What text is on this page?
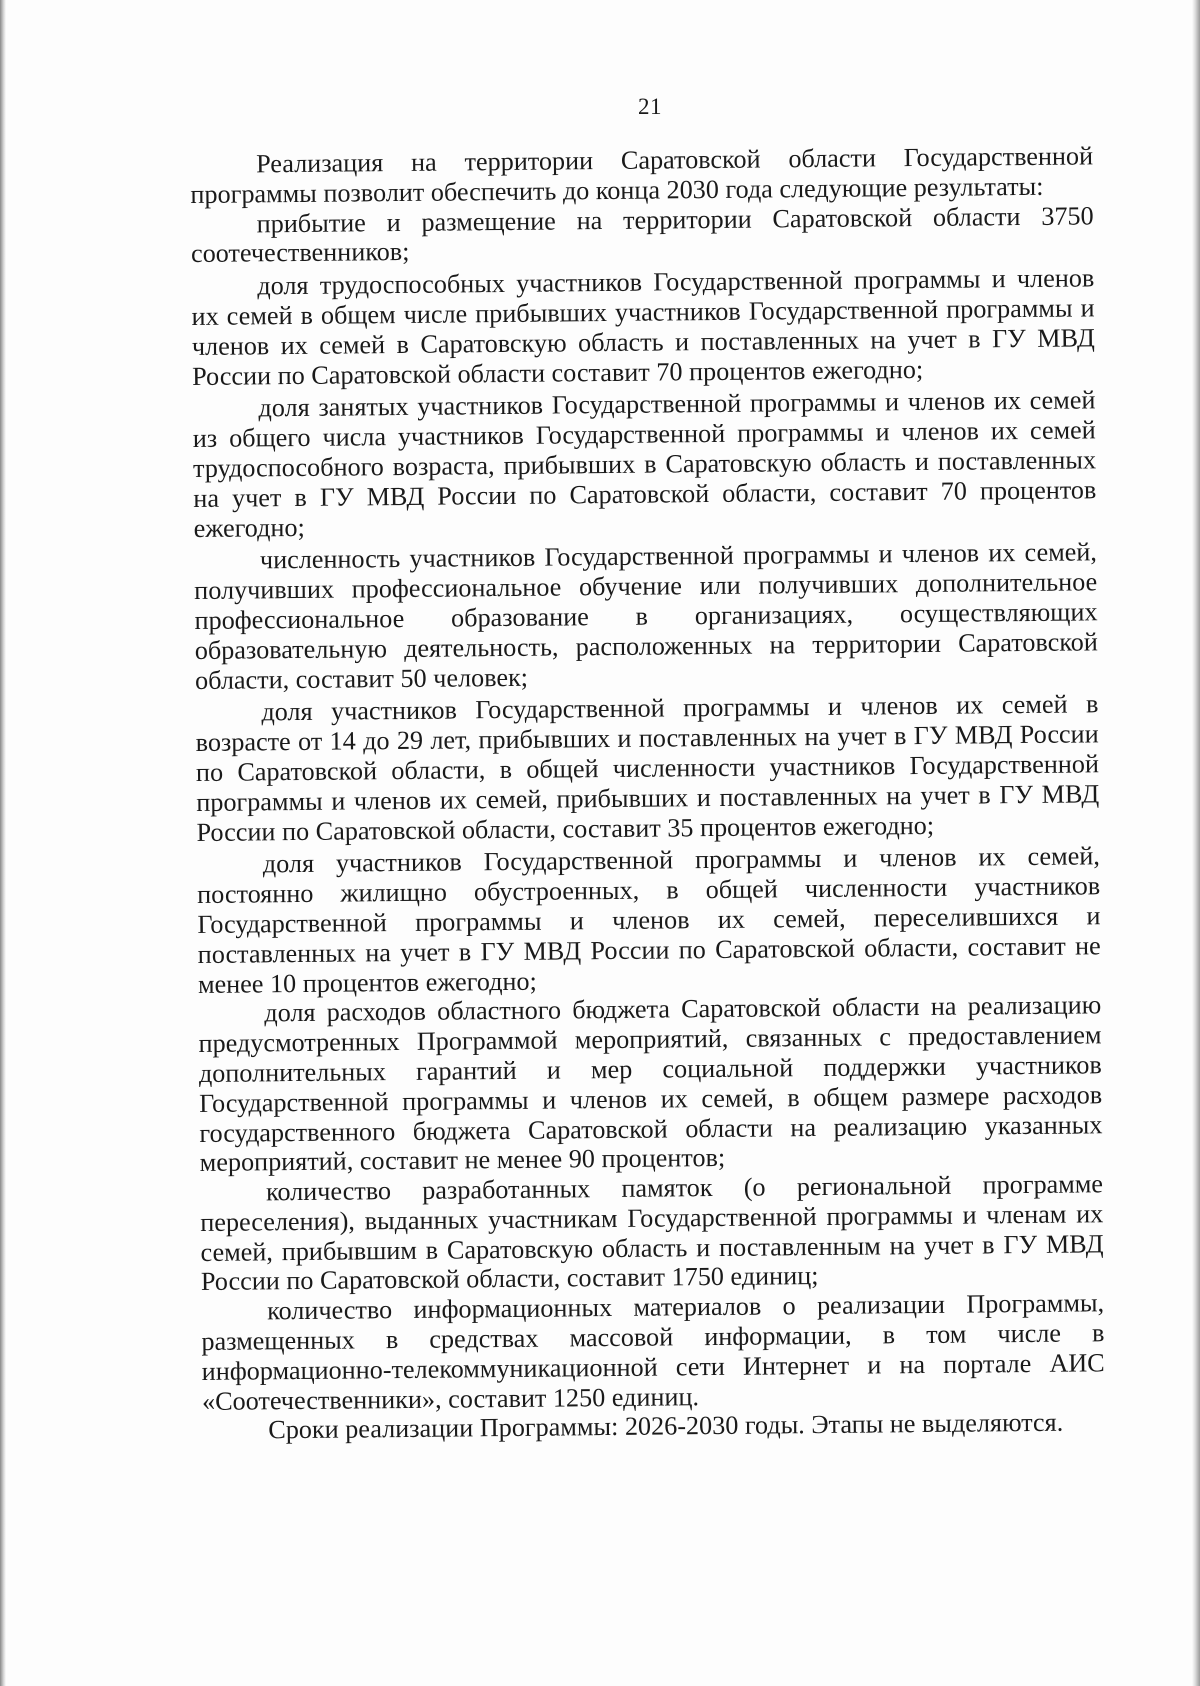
21

Реализация на территории Саратовской области Государственной программы позволит обеспечить до конца 2030 года следующие результаты:

прибытие и размещение на территории Саратовской области 3750 соотечественников;

доля трудоспособных участников Государственной программы и членов их семей в общем числе прибывших участников Государственной программы и членов их семей в Саратовскую область и поставленных на учет в ГУ МВД России по Саратовской области составит 70 процентов ежегодно;

доля занятых участников Государственной программы и членов их семей из общего числа участников Государственной программы и членов их семей трудоспособного возраста, прибывших в Саратовскую область и поставленных на учет в ГУ МВД России по Саратовской области, составит 70 процентов ежегодно;

численность участников Государственной программы и членов их семей, получивших профессиональное обучение или получивших дополнительное профессиональное образование в организациях, осуществляющих образовательную деятельность, расположенных на территории Саратовской области, составит 50 человек;

доля участников Государственной программы и членов их семей в возрасте от 14 до 29 лет, прибывших и поставленных на учет в ГУ МВД России по Саратовской области, в общей численности участников Государственной программы и членов их семей, прибывших и поставленных на учет в ГУ МВД России по Саратовской области, составит 35 процентов ежегодно;

доля участников Государственной программы и членов их семей, постоянно жилищно обустроенных, в общей численности участников Государственной программы и членов их семей, переселившихся и поставленных на учет в ГУ МВД России по Саратовской области, составит не менее 10 процентов ежегодно;

доля расходов областного бюджета Саратовской области на реализацию предусмотренных Программой мероприятий, связанных с предоставлением дополнительных гарантий и мер социальной поддержки участников Государственной программы и членов их семей, в общем размере расходов государственного бюджета Саратовской области на реализацию указанных мероприятий, составит не менее 90 процентов;

количество разработанных памяток (о региональной программе переселения), выданных участникам Государственной программы и членам их семей, прибывшим в Саратовскую область и поставленным на учет в ГУ МВД России по Саратовской области, составит 1750 единиц;

количество информационных материалов о реализации Программы, размещенных в средствах массовой информации, в том числе в информационно-телекоммуникационной сети Интернет и на портале АИС «Соотечественники», составит 1250 единиц.

Сроки реализации Программы: 2026-2030 годы. Этапы не выделяются.
